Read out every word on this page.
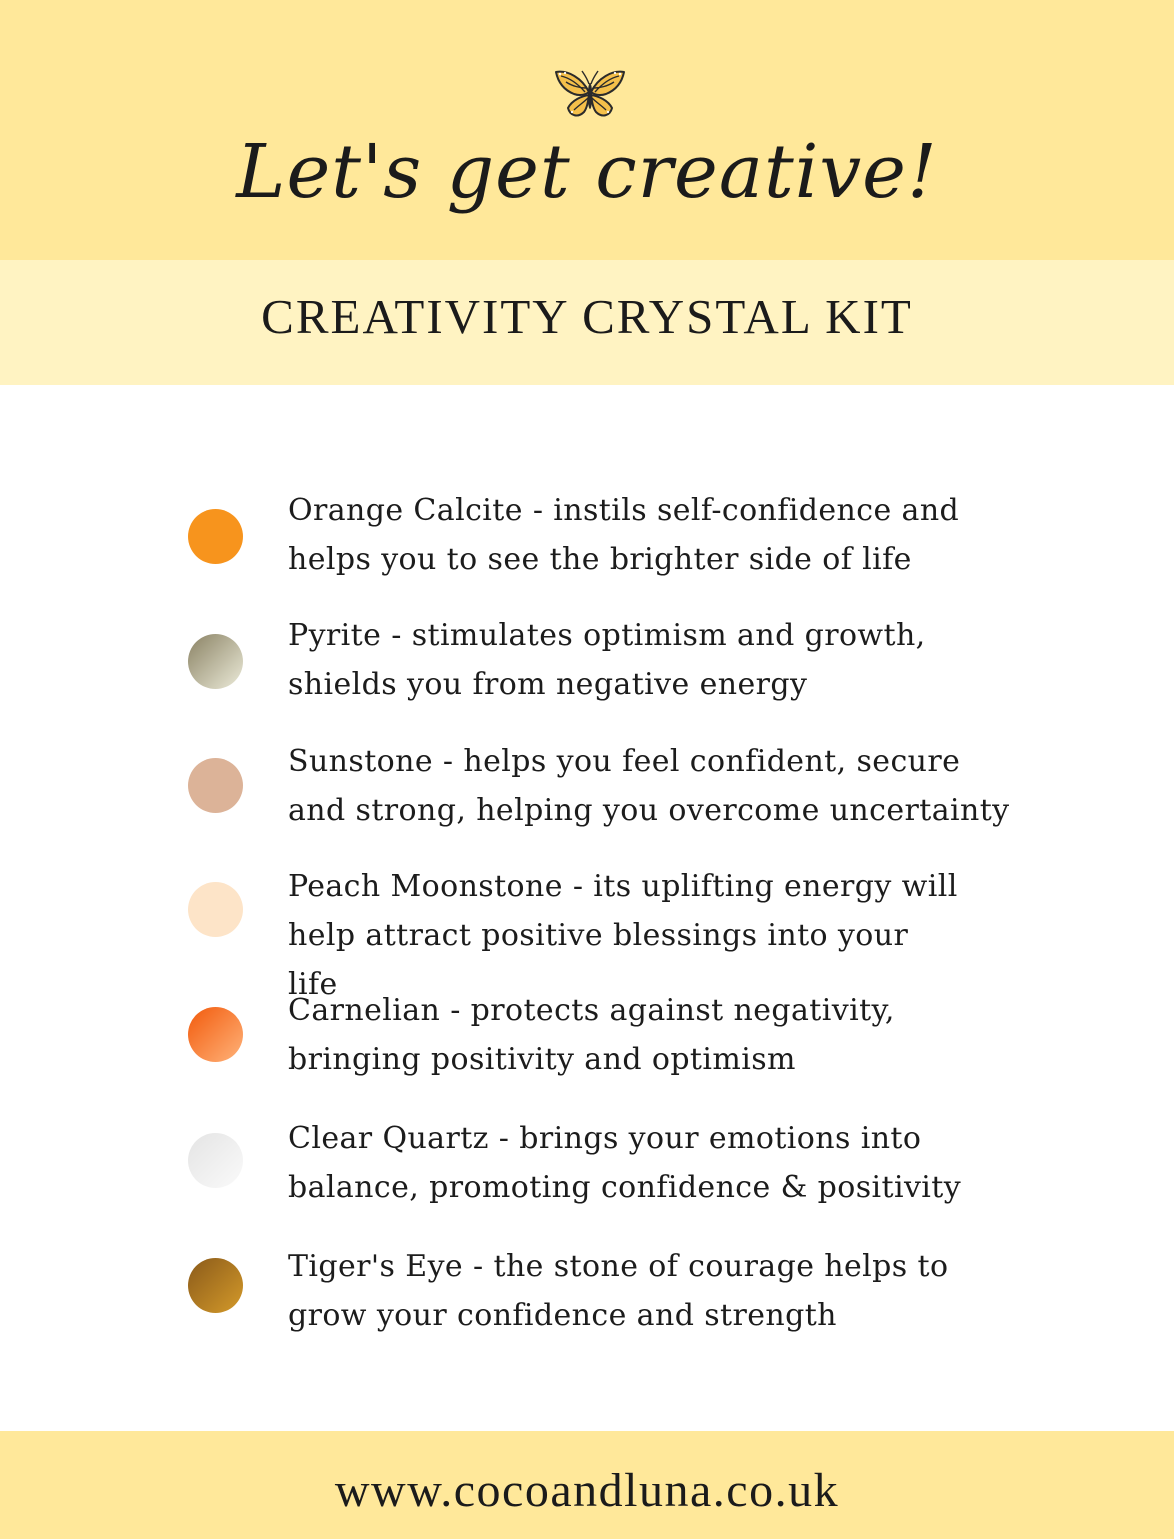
Let's get creative!
CREATIVITY CRYSTAL KIT
Orange Calcite - instils self-confidence and
helps you to see the brighter side of life
Pyrite - stimulates optimism and growth,
shields you from negative energy
Sunstone - helps you feel confident, secure
and strong, helping you overcome uncertainty
Peach Moonstone - its uplifting energy will
help attract positive blessings into your
life
Carnelian - protects against negativity,
bringing positivity and optimism
Clear Quartz - brings your emotions into
balance, promoting confidence & positivity
Tiger's Eye - the stone of courage helps to
grow your confidence and strength
www.cocoandluna.co.uk
